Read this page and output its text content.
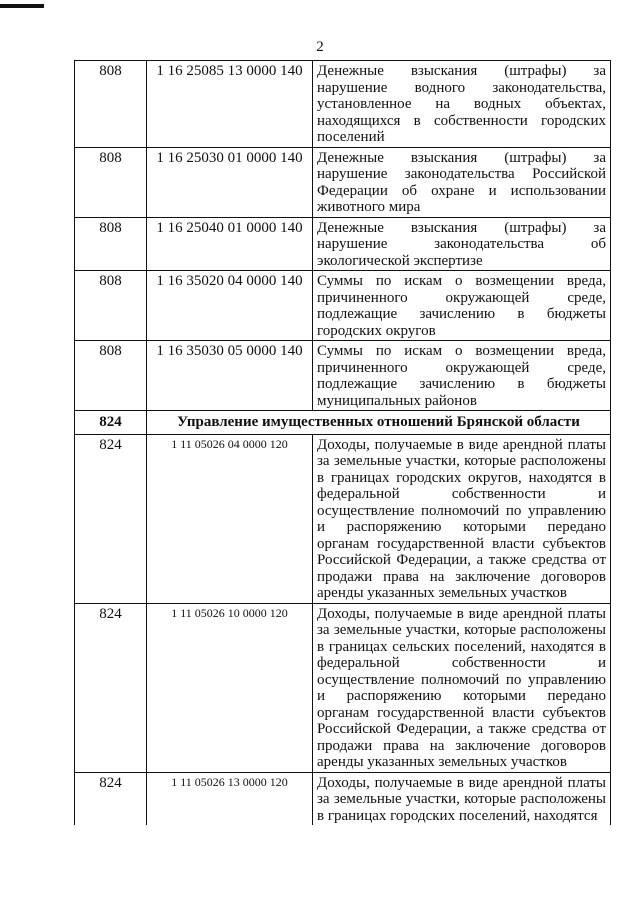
2
808	1 16 25085 13 0000 140	Денежные взыскания (штрафы) за нарушение водного законодательства, установленное на водных объектах, находящихся в собственности городских поселений
808	1 16 25030 01 0000 140	Денежные взыскания (штрафы) за нарушение законодательства Российской Федерации об охране и использовании животного мира
808	1 16 25040 01 0000 140	Денежные взыскания (штрафы) за нарушение законодательства об экологической экспертизе
808	1 16 35020 04 0000 140	Суммы по искам о возмещении вреда, причиненного окружающей среде, подлежащие зачислению в бюджеты городских округов
808	1 16 35030 05 0000 140	Суммы по искам о возмещении вреда, причиненного окружающей среде, подлежащие зачислению в бюджеты муниципальных районов
824	Управление имущественных отношений Брянской области	
824	1 11 05026 04 0000 120	Доходы, получаемые в виде арендной платы за земельные участки, которые расположены в границах городских округов, находятся в федеральной собственности и осуществление полномочий по управлению и распоряжению которыми передано органам государственной власти субъектов Российской Федерации, а также средства от продажи права на заключение договоров аренды указанных земельных участков
824	1 11 05026 10 0000 120	Доходы, получаемые в виде арендной платы за земельные участки, которые расположены в границах сельских поселений, находятся в федеральной собственности и осуществление полномочий по управлению и распоряжению которыми передано органам государственной власти субъектов Российской Федерации, а также средства от продажи права на заключение договоров аренды указанных земельных участков
824	1 11 05026 13 0000 120	Доходы, получаемые в виде арендной платы за земельные участки, которые расположены в границах городских поселений, находятся
